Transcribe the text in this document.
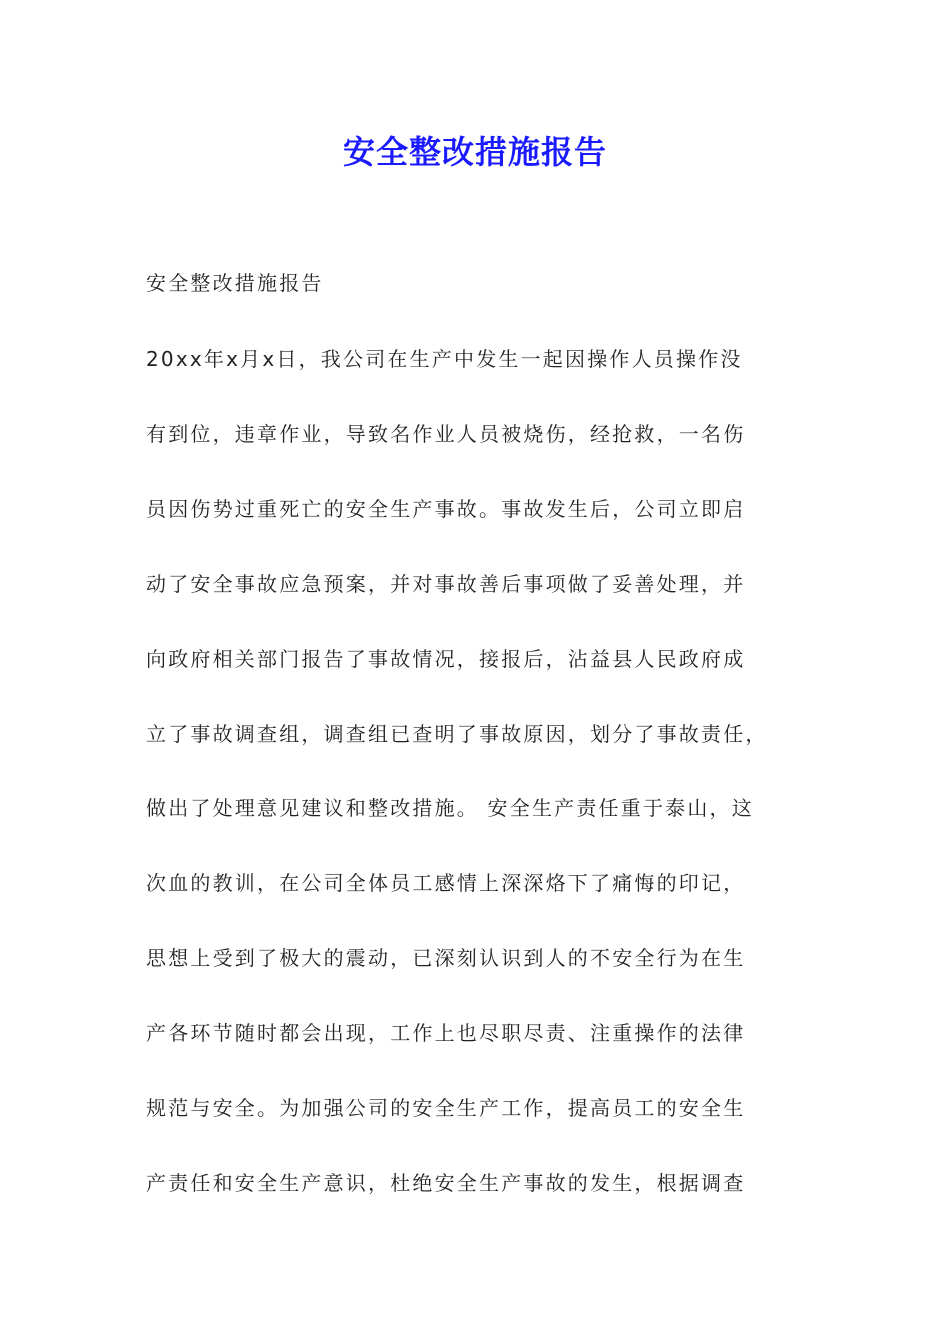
安全整改措施报告

安全整改措施报告

20xx年x月x日，我公司在生产中发生一起因操作人员操作没

有到位，违章作业，导致名作业人员被烧伤，经抢救，一名伤

员因伤势过重死亡的安全生产事故。事故发生后，公司立即启

动了安全事故应急预案，并对事故善后事项做了妥善处理，并

向政府相关部门报告了事故情况，接报后，沾益县人民政府成

立了事故调查组，调查组已查明了事故原因，划分了事故责任，

做出了处理意见建议和整改措施。 安全生产责任重于泰山，这

次血的教训，在公司全体员工感情上深深烙下了痛悔的印记，

思想上受到了极大的震动，已深刻认识到人的不安全行为在生

产各环节随时都会出现，工作上也尽职尽责、注重操作的法律

规范与安全。为加强公司的安全生产工作，提高员工的安全生

产责任和安全生产意识，杜绝安全生产事故的发生，根据调查
